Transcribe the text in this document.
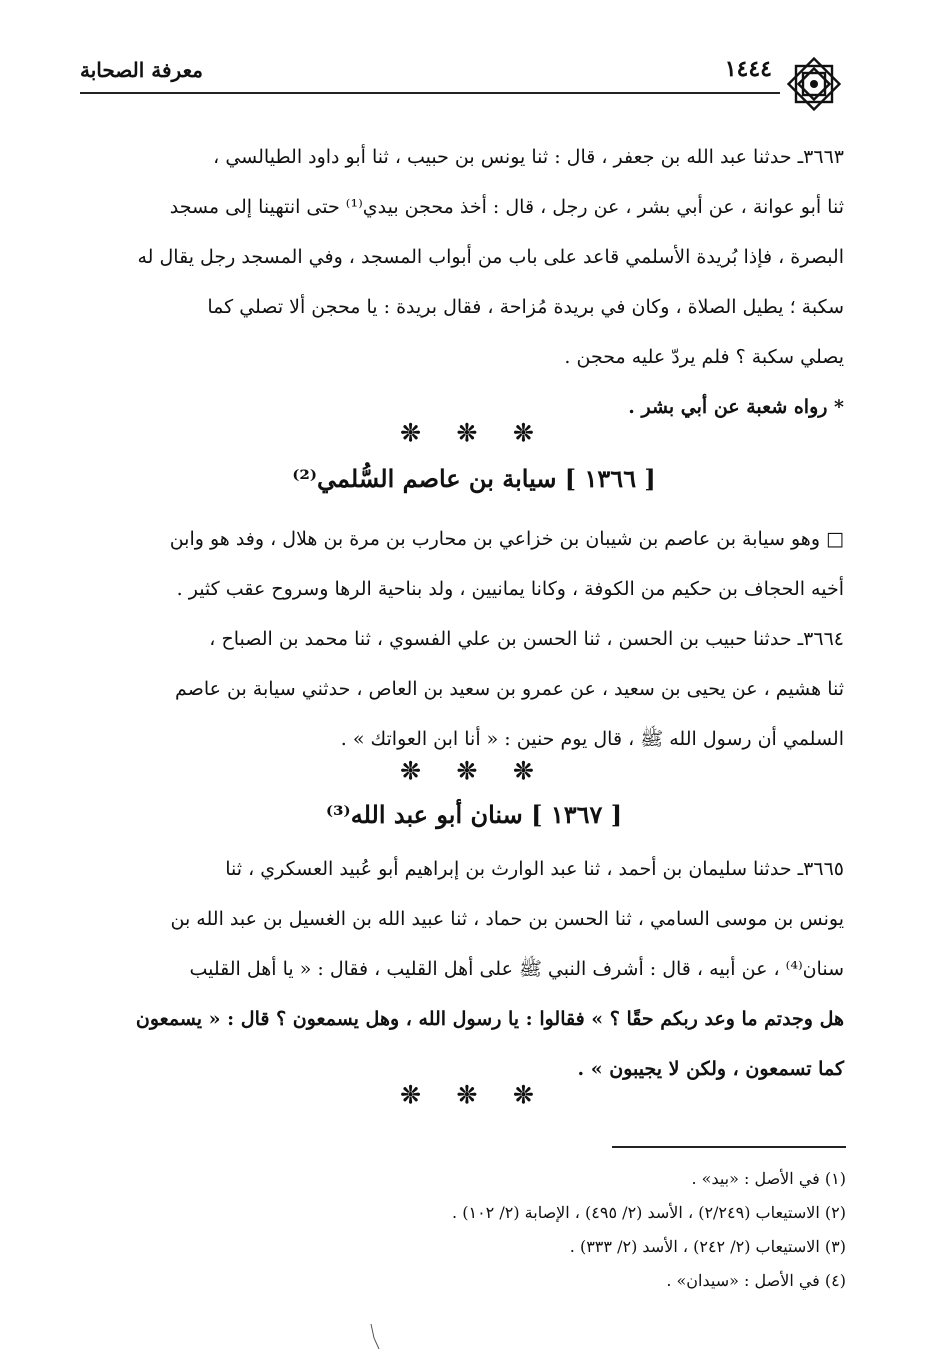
معرفة الصحابة	١٤٤٤

٣٦٦٣ـ حدثنا عبد الله بن جعفر ، قال : ثنا يونس بن حبيب ، ثنا أبو داود الطيالسي ،

ثنا أبو عوانة ، عن أبي بشر ، عن رجل ، قال : أخذ محجن بيدي⁽¹⁾ حتى انتهينا إلى مسجد

البصرة ، فإذا بُريدة الأسلمي قاعد على باب من أبواب المسجد ، وفي المسجد رجل يقال له

سكبة ؛ يطيل الصلاة ، وكان في بريدة مُزاحة ، فقال بريدة : يا محجن ألا تصلي كما

يصلي سكبة ؟ فلم يردّ عليه محجن .

* رواه شعبة عن أبي بشر .

❊ ❊ ❊
[ ١٣٦٦ ] سيابة بن عاصم السُّلمي⁽²⁾

□ وهو سيابة بن عاصم بن شيبان بن خزاعي بن محارب بن مرة بن هلال ، وفد هو وابن

أخيه الحجاف بن حكيم من الكوفة ، وكانا يمانيين ، ولد بناحية الرها وسروح عقب كثير .

٣٦٦٤ـ حدثنا حبيب بن الحسن ، ثنا الحسن بن علي الفسوي ، ثنا محمد بن الصباح ،

ثنا هشيم ، عن يحيى بن سعيد ، عن عمرو بن سعيد بن العاص ، حدثني سيابة بن عاصم

السلمي أن رسول الله ﷺ ، قال يوم حنين : « أنا ابن العواتك » .

❊ ❊ ❊
[ ١٣٦٧ ] سنان أبو عبد الله⁽³⁾

٣٦٦٥ـ حدثنا سليمان بن أحمد ، ثنا عبد الوارث بن إبراهيم أبو عُبيد العسكري ، ثنا

يونس بن موسى السامي ، ثنا الحسن بن حماد ، ثنا عبيد الله بن الغسيل بن عبد الله بن

سنان⁽⁴⁾ ، عن أبيه ، قال : أشرف النبي ﷺ على أهل القليب ، فقال : « يا أهل القليب

هل وجدتم ما وعد ربكم حقًا ؟ » فقالوا : يا رسول الله ، وهل يسمعون ؟ قال : « يسمعون

كما تسمعون ، ولكن لا يجيبون » .

❊ ❊ ❊
(١) في الأصل : «بيد» .
(٢) الاستيعاب (٢/٢٤٩) ، الأسد (٢/ ٤٩٥) ، الإصابة (٢/ ١٠٢) .
(٣) الاستيعاب (٢/ ٢٤٢) ، الأسد (٢/ ٣٣٣) .
(٤) في الأصل : «سيدان» .
